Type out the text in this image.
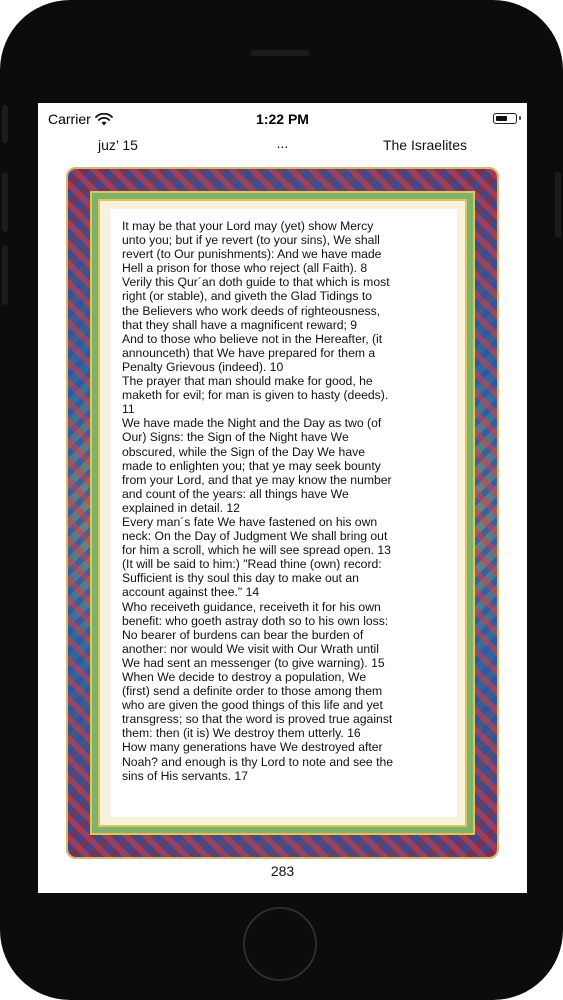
Carrier	1:22 PM
juz’ 15	...	The Israelites

It may be that your Lord may (yet) show Mercy
unto you; but if ye revert (to your sins), We shall
revert (to Our punishments): And we have made
Hell a prison for those who reject (all Faith). 8
Verily this Qur´an doth guide to that which is most
right (or stable), and giveth the Glad Tidings to
the Believers who work deeds of righteousness,
that they shall have a magnificent reward; 9
And to those who believe not in the Hereafter, (it
announceth) that We have prepared for them a
Penalty Grievous (indeed). 10
The prayer that man should make for good, he
maketh for evil; for man is given to hasty (deeds).
11
We have made the Night and the Day as two (of
Our) Signs: the Sign of the Night have We
obscured, while the Sign of the Day We have
made to enlighten you; that ye may seek bounty
from your Lord, and that ye may know the number
and count of the years: all things have We
explained in detail. 12
Every man´s fate We have fastened on his own
neck: On the Day of Judgment We shall bring out
for him a scroll, which he will see spread open. 13
(It will be said to him:) "Read thine (own) record:
Sufficient is thy soul this day to make out an
account against thee." 14
Who receiveth guidance, receiveth it for his own
benefit: who goeth astray doth so to his own loss:
No bearer of burdens can bear the burden of
another: nor would We visit with Our Wrath until
We had sent an messenger (to give warning). 15
When We decide to destroy a population, We
(first) send a definite order to those among them
who are given the good things of this life and yet
transgress; so that the word is proved true against
them: then (it is) We destroy them utterly. 16
How many generations have We destroyed after
Noah? and enough is thy Lord to note and see the
sins of His servants. 17

283
